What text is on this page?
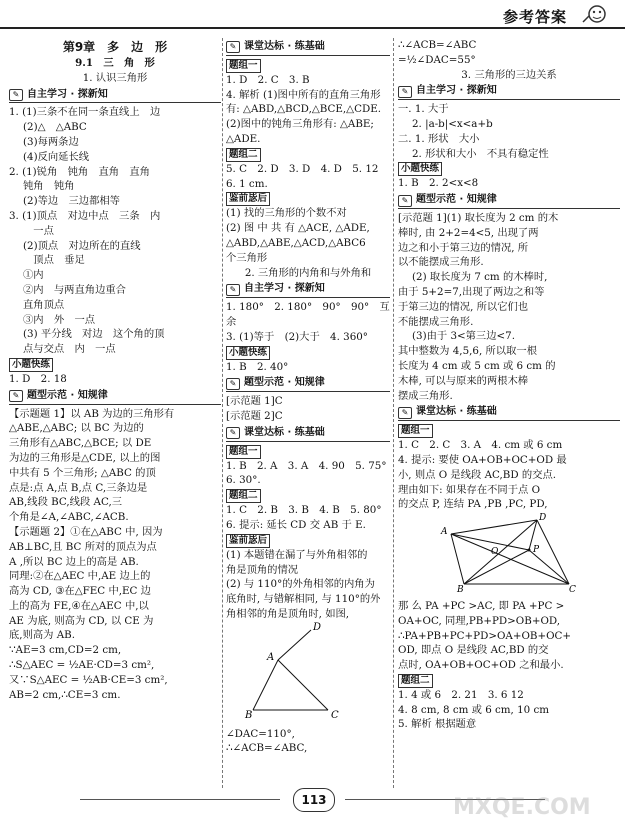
参考答案
第9章　多　边　形
9.1　三　角　形
1. 认识三角形
✎ 自主学习 · 探新知
1. (1)三条不在同一条直线上　边
(2)△　△ABC
(3)每两条边
(4)反向延长线
2. (1)锐角　钝角　直角　直角
钝角　钝角
(2)等边　三边都相等
3. (1)顶点　对边中点　三条　内
　一点
(2)顶点　对边所在的直线
　顶点　垂足
①内
②内　与两直角边重合
直角顶点
③内　外　一点
(3) 平分线　对边　这个角的顶
点与交点　内　一点
小题快练
1. D　2. 18
✎ 题型示范 · 知规律
【示题题 1】以 AB 为边的三角形有
△ABE,△ABC; 以 BC 为边的
三角形有△ABC,△BCE; 以 DE
为边的三角形是△CDE, 以上的图
中共有 5 个三角形; △ABC 的顶
点是:点 A,点 B,点 C,三条边是
AB,线段 BC,线段 AC,三
个角是∠A,∠ABC,∠ACB.
【示题题 2】①在△ABC 中, 因为
AB⊥BC,且 BC 所对的顶点为点
A ,所以 BC 边上的高是 AB.
同理:②在△AEC 中,AE 边上的
高为 CD, ③在△FEC 中,EC 边
上的高为 FE,④在△AEC 中,以
AE 为底, 则高为 CD, 以 CE 为
底,则高为 AB.
∵AE=3 cm,CD=2 cm,
∴S△AEC = ½AE·CD=3 cm²,
又∵S△AEC = ½AB·CE=3 cm²,
AB=2 cm,∴CE=3 cm.
✎ 课堂达标 · 练基础
题组一
1. D　2. C　3. B
4. 解析 (1)图中所有的直角三角形
有: △ABD,△BCD,△BCE,△CDE.
(2)图中的钝角三角形有: △ABE;
△ADE.
题组二
5. C　2. D　3. D　4. D　5. 12
6. 1 cm.
鉴前毖后
(1) 找的三角形的个数不对
(2) 图 中 共 有 △ACE, △ADE,
△ABD,△ABE,△ACD,△ABC6
个三角形
2. 三角形的内角和与外角和
✎ 自主学习 · 探新知
1. 180°　2. 180°　90°　90°　互余
3. (1)等于　(2)大于　4. 360°
小题快练
1. B　2. 40°
✎ 题型示范 · 知规律
[示范题 1]C
[示范题 2]C
✎ 课堂达标 · 练基础
题组一
1. B　2. A　3. A　4. 90　5. 75°
6. 30°.
题组二
1. C　2. B　3. B　4. B　5. 80°
6. 提示: 延长 CD 交 AB 于 E.
鉴前毖后
(1) 本题错在漏了与外角相邻的
角是顶角的情况
(2) 与 110°的外角相邻的内角为
底角时, 与错解相同, 与 110°的外
角相邻的角是顶角时, 如图,
D
A
B	C
∠DAC=110°,
∴∠ACB=∠ABC,
∴∠ACB=∠ABC
=½∠DAC=55°
3. 三角形的三边关系
✎ 自主学习 · 探新知
一. 1. 大于
2. |a-b|<x<a+b
二. 1. 形状　大小
2. 形状和大小　不具有稳定性
小题快练
1. B　2. 2<x<8
✎ 题型示范 · 知规律
[示范题 1](1) 取长度为 2 cm 的木
棒时, 由 2+2=4<5, 出现了两
边之和小于第三边的情况, 所
以不能摆成三角形.
(2) 取长度为 7 cm 的木棒时,
由于 5+2=7,出现了两边之和等
于第三边的情况, 所以它们也
不能摆成三角形.
(3)由于 3<第三边<7.
其中整数为 4,5,6, 所以取一根
长度为 4 cm 或 5 cm 或 6 cm 的
木棒, 可以与原来的两根木棒
摆成三角形.
✎ 课堂达标 · 练基础
题组一
1. C　2. C　3. A　4. cm 或 6 cm
4. 提示: 要使 OA+OB+OC+OD 最
小, 则点 O 是线段 AC,BD 的交点.
理由如下: 如果存在不同于点 O
的交点 P, 连结 PA ,PB ,PC, PD,
A
D
O	P
B	C
那 么 PA +PC >AC, 即 PA +PC >
OA+OC, 同理,PB+PD>OB+OD,
∴PA+PB+PC+PD>OA+OB+OC+
OD, 即点 O 是线段 AC,BD 的交
点时, OA+OB+OC+OD 之和最小.
题组二
1. 4 或 6　2. 21　3. 6 12
4. 8 cm, 8 cm 或 6 cm, 10 cm
5. 解析 根据题意
113	MXQE.COM
